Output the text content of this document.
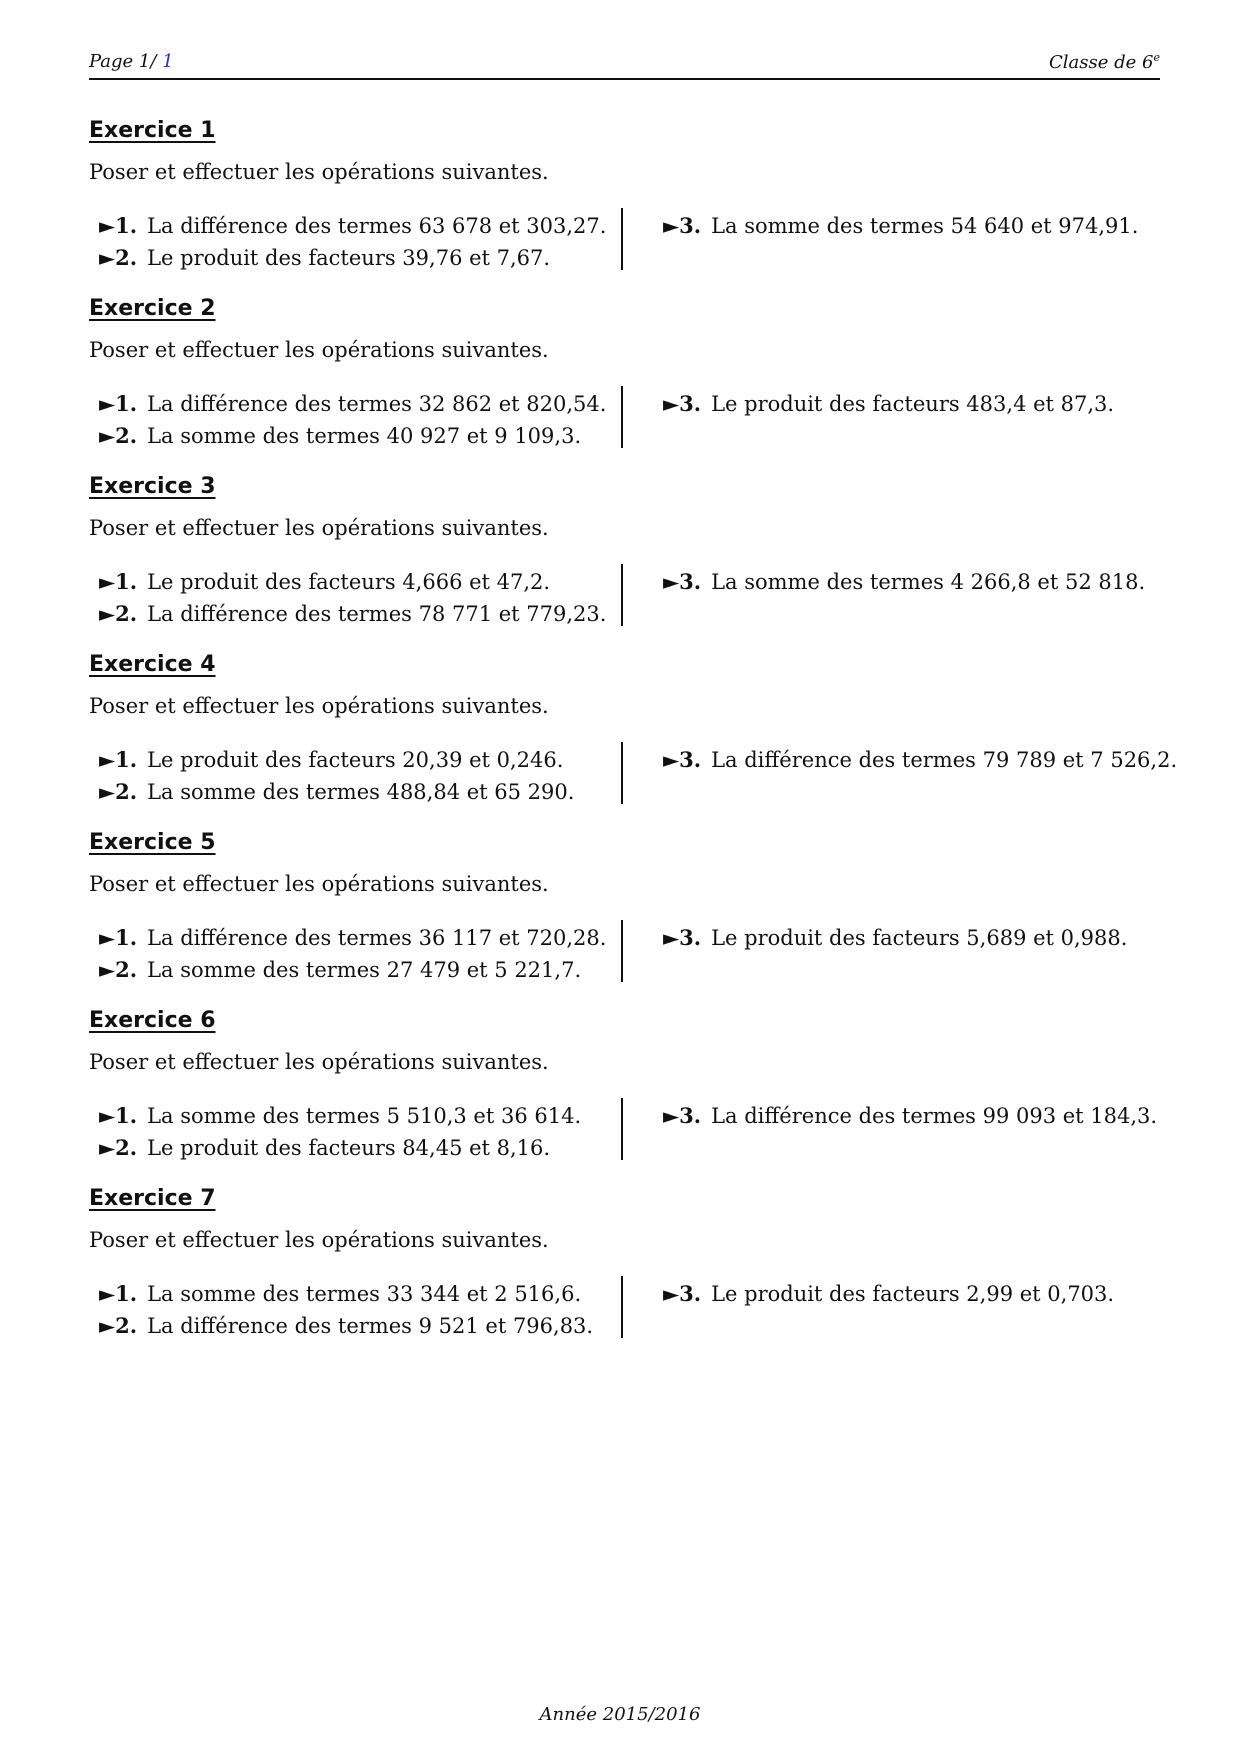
Page 1/ 1	Classe de 6e
Exercice 1
Poser et effectuer les opérations suivantes.
►1. La différence des termes 63 678 et 303,27.
►2. Le produit des facteurs 39,76 et 7,67.
►3. La somme des termes 54 640 et 974,91.
Exercice 2
Poser et effectuer les opérations suivantes.
►1. La différence des termes 32 862 et 820,54.
►2. La somme des termes 40 927 et 9 109,3.
►3. Le produit des facteurs 483,4 et 87,3.
Exercice 3
Poser et effectuer les opérations suivantes.
►1. Le produit des facteurs 4,666 et 47,2.
►2. La différence des termes 78 771 et 779,23.
►3. La somme des termes 4 266,8 et 52 818.
Exercice 4
Poser et effectuer les opérations suivantes.
►1. Le produit des facteurs 20,39 et 0,246.
►2. La somme des termes 488,84 et 65 290.
►3. La différence des termes 79 789 et 7 526,2.
Exercice 5
Poser et effectuer les opérations suivantes.
►1. La différence des termes 36 117 et 720,28.
►2. La somme des termes 27 479 et 5 221,7.
►3. Le produit des facteurs 5,689 et 0,988.
Exercice 6
Poser et effectuer les opérations suivantes.
►1. La somme des termes 5 510,3 et 36 614.
►2. Le produit des facteurs 84,45 et 8,16.
►3. La différence des termes 99 093 et 184,3.
Exercice 7
Poser et effectuer les opérations suivantes.
►1. La somme des termes 33 344 et 2 516,6.
►2. La différence des termes 9 521 et 796,83.
►3. Le produit des facteurs 2,99 et 0,703.
Année 2015/2016
